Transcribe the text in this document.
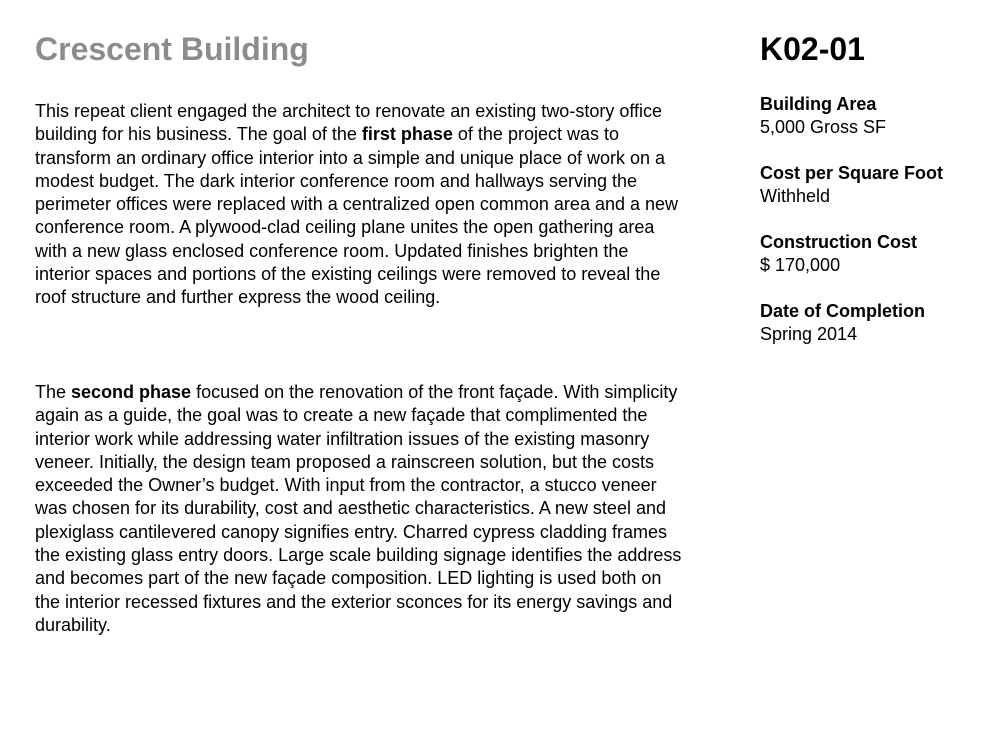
Crescent Building	K02-01

This repeat client engaged the architect to renovate an existing two-story office building for his business. The goal of the first phase of the project was to transform an ordinary office interior into a simple and unique place of work on a modest budget. The dark interior conference room and hallways serving the perimeter offices were replaced with a centralized open common area and a new conference room. A plywood-clad ceiling plane unites the open gathering area with a new glass enclosed conference room. Updated finishes brighten the interior spaces and portions of the existing ceilings were removed to reveal the roof structure and further express the wood ceiling.

The second phase focused on the renovation of the front façade. With simplicity again as a guide, the goal was to create a new façade that complimented the interior work while addressing water infiltration issues of the existing masonry veneer. Initially, the design team proposed a rainscreen solution, but the costs exceeded the Owner’s budget. With input from the contractor, a stucco veneer was chosen for its durability, cost and aesthetic characteristics. A new steel and plexiglass cantilevered canopy signifies entry. Charred cypress cladding frames the existing glass entry doors. Large scale building signage identifies the address and becomes part of the new façade composition. LED lighting is used both on the interior recessed fixtures and the exterior sconces for its energy savings and durability.

Building Area
5,000 Gross SF
Cost per Square Foot
Withheld
Construction Cost
$ 170,000
Date of Completion
Spring 2014
